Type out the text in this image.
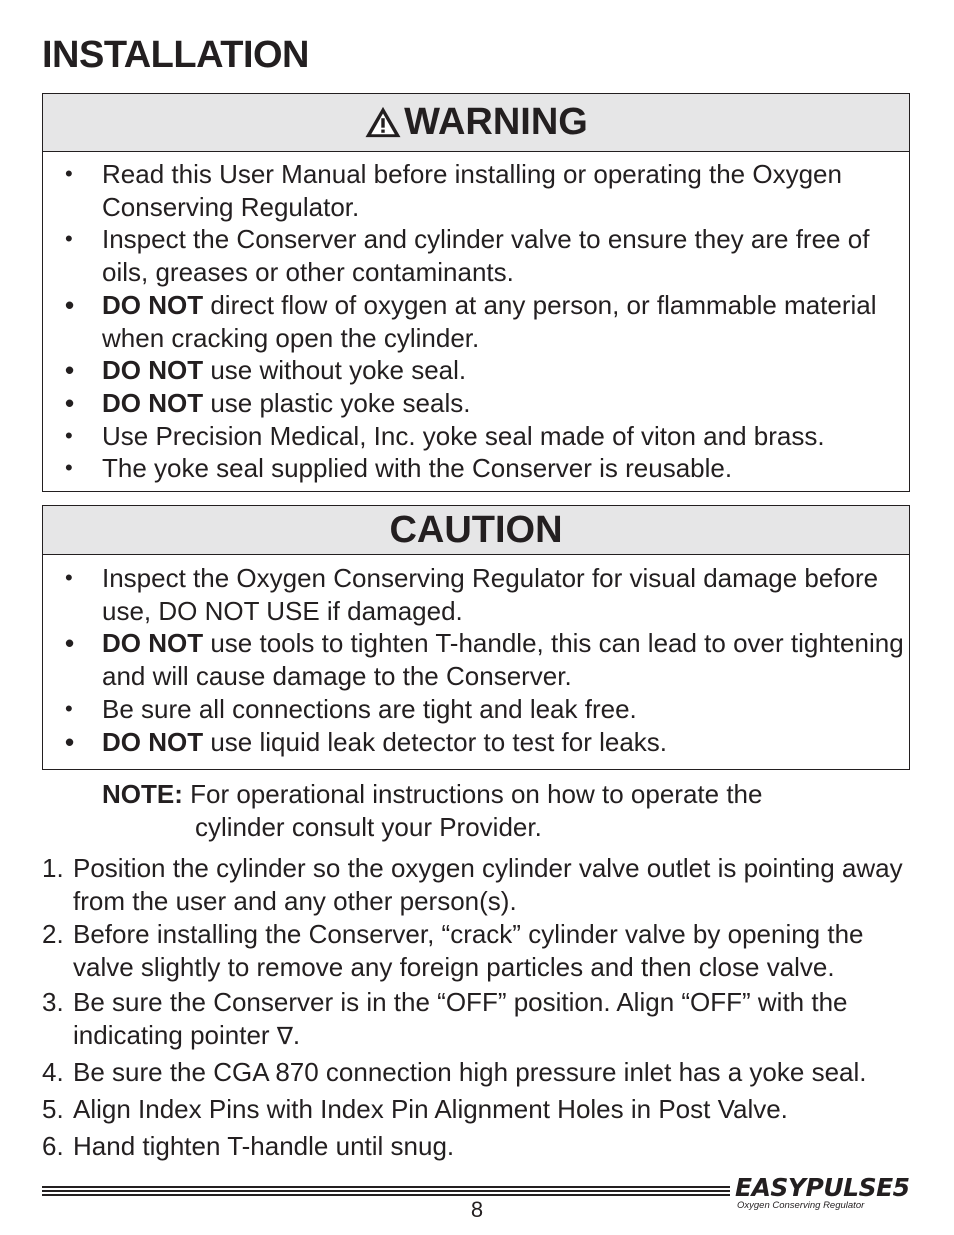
INSTALLATION
WARNING
• Read this User Manual before installing or operating the Oxygen Conserving Regulator.
• Inspect the Conserver and cylinder valve to ensure they are free of oils, greases or other contaminants.
• DO NOT direct flow of oxygen at any person, or flammable material when cracking open the cylinder.
• DO NOT use without yoke seal.
• DO NOT use plastic yoke seals.
• Use Precision Medical, Inc. yoke seal made of viton and brass.
• The yoke seal supplied with the Conserver is reusable.
CAUTION
• Inspect the Oxygen Conserving Regulator for visual damage before use, DO NOT USE if damaged.
• DO NOT use tools to tighten T-handle, this can lead to over tightening and will cause damage to the Conserver.
• Be sure all connections are tight and leak free.
• DO NOT use liquid leak detector to test for leaks.
NOTE: For operational instructions on how to operate the
cylinder consult your Provider.
1. Position the cylinder so the oxygen cylinder valve outlet is pointing away from the user and any other person(s).
2. Before installing the Conserver, “crack” cylinder valve by opening the valve slightly to remove any foreign particles and then close valve.
3. Be sure the Conserver is in the “OFF” position. Align “OFF” with the indicating pointer ∇.
4. Be sure the CGA 870 connection high pressure inlet has a yoke seal.
5. Align Index Pins with Index Pin Alignment Holes in Post Valve.
6. Hand tighten T-handle until snug.
8
EASYPULSE5
Oxygen Conserving Regulator
